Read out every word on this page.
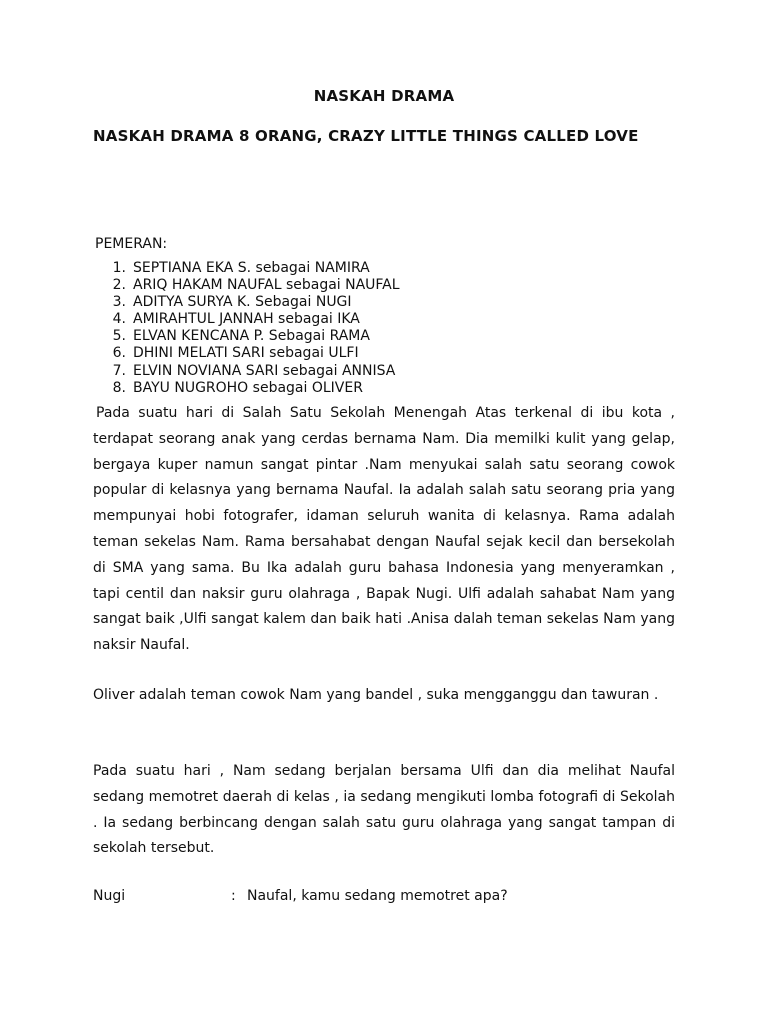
NASKAH DRAMA
NASKAH DRAMA 8 ORANG, CRAZY LITTLE THINGS CALLED LOVE
PEMERAN:
1. SEPTIANA EKA S. sebagai NAMIRA
2. ARIQ HAKAM NAUFAL sebagai NAUFAL
3. ADITYA SURYA K. Sebagai NUGI
4. AMIRAHTUL JANNAH sebagai IKA
5. ELVAN KENCANA P. Sebagai RAMA
6. DHINI MELATI SARI sebagai ULFI
7. ELVIN NOVIANA SARI sebagai ANNISA
8. BAYU NUGROHO sebagai OLIVER

Pada suatu hari di Salah Satu Sekolah Menengah Atas terkenal di ibu kota , terdapat seorang anak yang cerdas bernama Nam. Dia memilki kulit yang gelap, bergaya kuper namun sangat pintar .Nam menyukai salah satu seorang cowok popular di kelasnya yang bernama Naufal. Ia adalah salah satu seorang pria yang mempunyai hobi fotografer, idaman seluruh wanita di kelasnya. Rama adalah teman sekelas Nam. Rama bersahabat dengan Naufal sejak kecil dan bersekolah di SMA yang sama. Bu Ika adalah guru bahasa Indonesia yang menyeramkan , tapi centil dan naksir guru olahraga , Bapak Nugi. Ulfi adalah sahabat Nam yang sangat baik ,Ulfi sangat kalem dan baik hati .Anisa dalah teman sekelas Nam yang naksir Naufal.

Oliver adalah teman cowok Nam yang bandel , suka mengganggu dan tawuran .

Pada suatu hari , Nam sedang berjalan bersama Ulfi dan dia melihat Naufal sedang memotret daerah di kelas , ia sedang mengikuti lomba fotografi di Sekolah . Ia sedang berbincang dengan salah satu guru olahraga yang sangat tampan di sekolah tersebut.

Nugi	: Naufal, kamu sedang memotret apa?
